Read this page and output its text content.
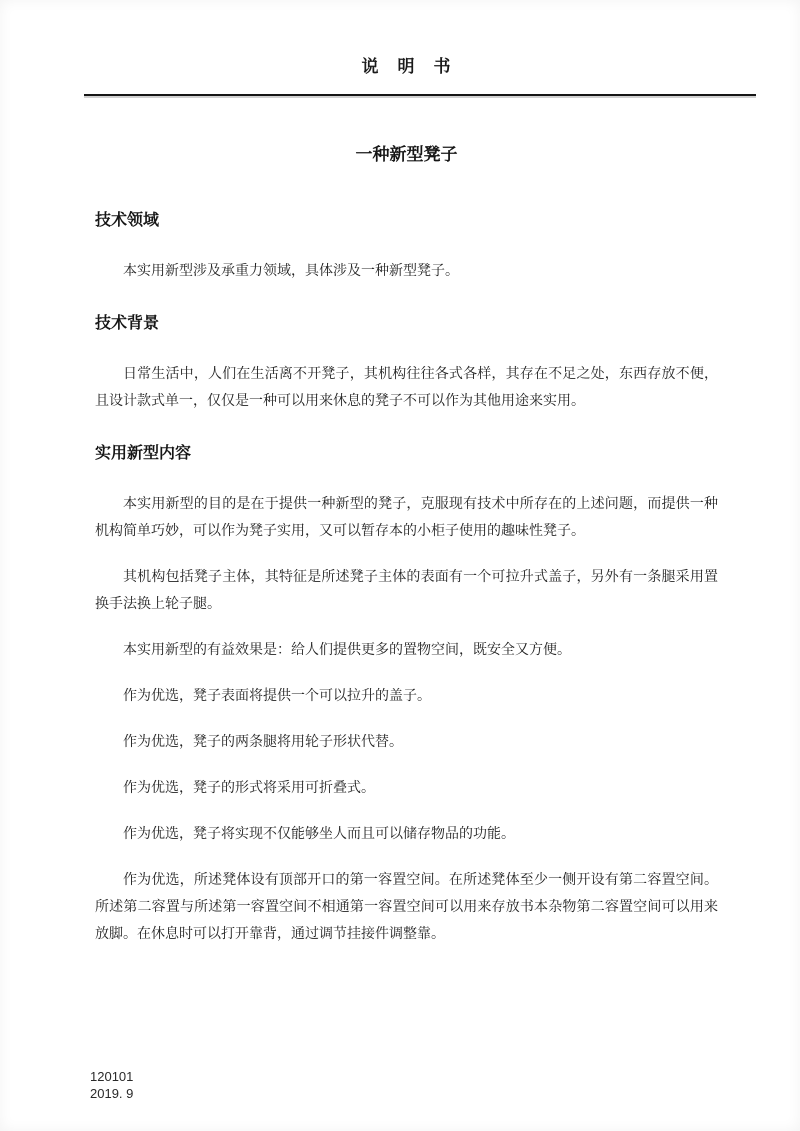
说　明　书
一种新型凳子
技术领域

本实用新型涉及承重力领域，具体涉及一种新型凳子。

技术背景

日常生活中，人们在生活离不开凳子，其机构往往各式各样，其存在不足之处，东西存放不便，且设计款式单一，仅仅是一种可以用来休息的凳子不可以作为其他用途来实用。

实用新型内容

本实用新型的目的是在于提供一种新型的凳子，克服现有技术中所存在的上述问题，而提供一种机构简单巧妙，可以作为凳子实用，又可以暂存本的小柜子使用的趣味性凳子。

其机构包括凳子主体，其特征是所述凳子主体的表面有一个可拉升式盖子，另外有一条腿采用置换手法换上轮子腿。

本实用新型的有益效果是：给人们提供更多的置物空间，既安全又方便。

作为优选，凳子表面将提供一个可以拉升的盖子。

作为优选，凳子的两条腿将用轮子形状代替。

作为优选，凳子的形式将采用可折叠式。

作为优选，凳子将实现不仅能够坐人而且可以储存物品的功能。

作为优选，所述凳体设有顶部开口的第一容置空间。在所述凳体至少一侧开设有第二容置空间。所述第二容置与所述第一容置空间不相通第一容置空间可以用来存放书本杂物第二容置空间可以用来放脚。在休息时可以打开靠背，通过调节挂接件调整靠。

120101
2019. 9
